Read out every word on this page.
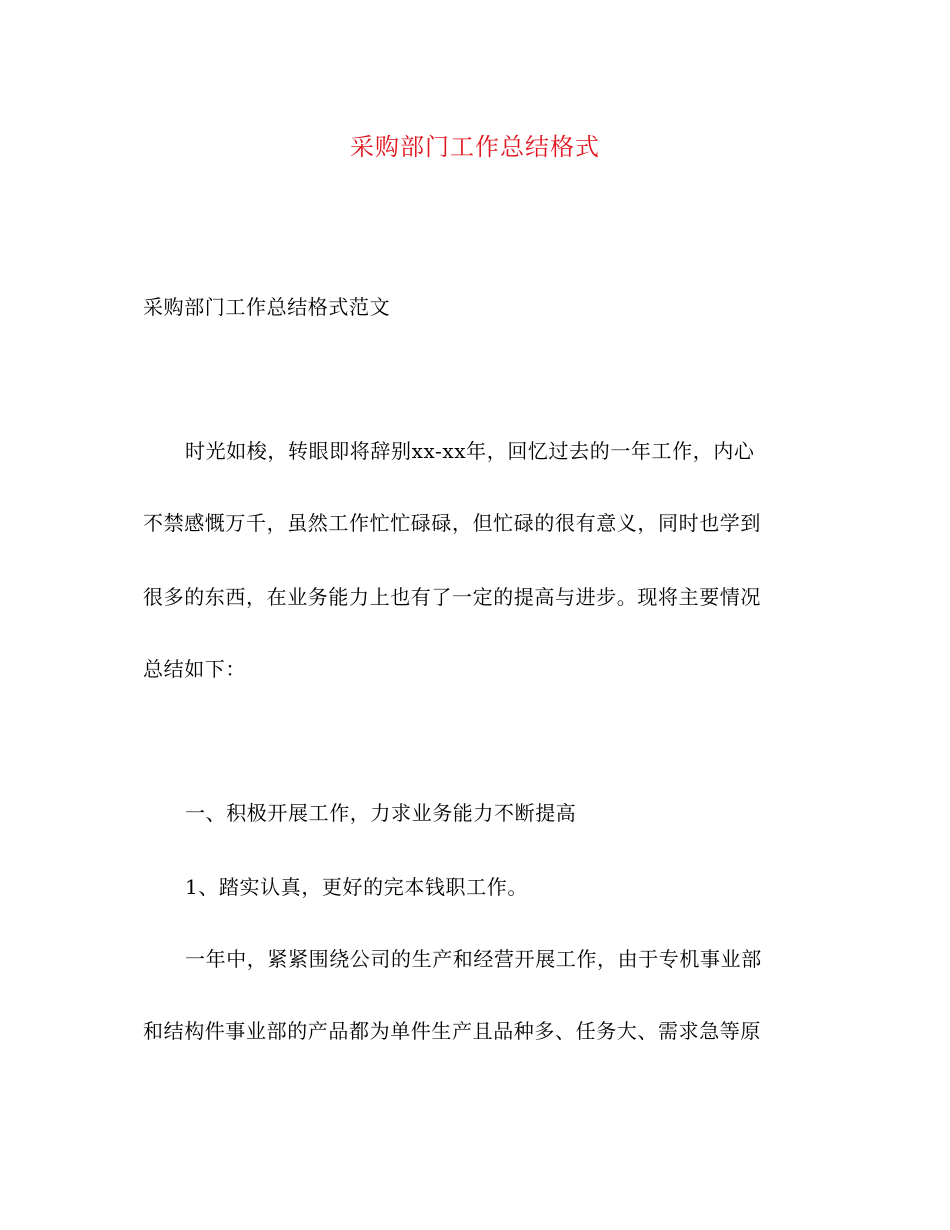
采购部门工作总结格式
采购部门工作总结格式范文
时光如梭，转眼即将辞别xx-xx年，回忆过去的一年工作，内心
不禁感慨万千，虽然工作忙忙碌碌，但忙碌的很有意义，同时也学到
很多的东西，在业务能力上也有了一定的提高与进步。现将主要情况
总结如下：
一、积极开展工作，力求业务能力不断提高
1、踏实认真，更好的完本钱职工作。
一年中，紧紧围绕公司的生产和经营开展工作，由于专机事业部
和结构件事业部的产品都为单件生产且品种多、任务大、需求急等原
